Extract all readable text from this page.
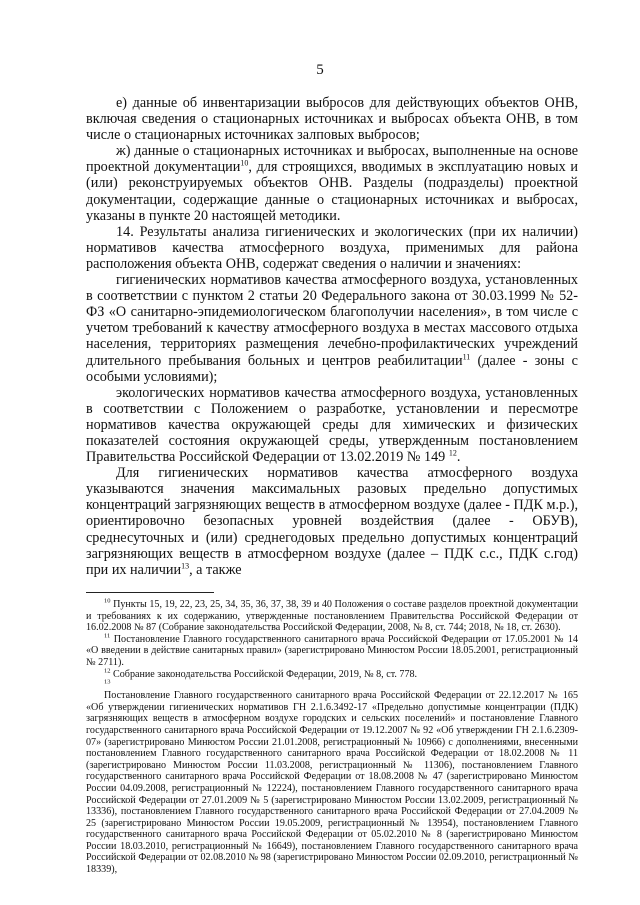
5

е) данные об инвентаризации выбросов для действующих объектов ОНВ, включая сведения о стационарных источниках и выбросах объекта ОНВ, в том числе о стационарных источниках залповых выбросов;

ж) данные о стационарных источниках и выбросах, выполненные на основе проектной документации$^{10}$, для строящихся, вводимых в эксплуатацию новых и (или) реконструируемых объектов ОНВ. Разделы (подразделы) проектной документации, содержащие данные о стационарных источниках и выбросах, указаны в пункте 20 настоящей методики.

14. Результаты анализа гигиенических и экологических (при их наличии) нормативов качества атмосферного воздуха, применимых для района расположения объекта ОНВ, содержат сведения о наличии и значениях:

гигиенических нормативов качества атмосферного воздуха, установленных в соответствии с пунктом 2 статьи 20 Федерального закона от 30.03.1999 № 52-ФЗ «О санитарно-эпидемиологическом благополучии населения», в том числе с учетом требований к качеству атмосферного воздуха в местах массового отдыха населения, территориях размещения лечебно-профилактических учреждений длительного пребывания больных и центров реабилитации$^{11}$ (далее - зоны с особыми условиями);

экологических нормативов качества атмосферного воздуха, установленных в соответствии с Положением о разработке, установлении и пересмотре нормативов качества окружающей среды для химических и физических показателей состояния окружающей среды, утвержденным постановлением Правительства Российской Федерации от 13.02.2019 № 149 $^{12}$.

Для гигиенических нормативов качества атмосферного воздуха указываются значения максимальных разовых предельно допустимых концентраций загрязняющих веществ в атмосферном воздухе (далее - ПДК м.р.), ориентировочно безопасных уровней воздействия (далее - ОБУВ), среднесуточных и (или) среднегодовых предельно допустимых концентраций загрязняющих веществ в атмосферном воздухе (далее – ПДК с.с., ПДК с.год) при их наличии$^{13}$, а также

$^{10}$ Пункты 15, 19, 22, 23, 25, 34, 35, 36, 37, 38, 39 и 40 Положения о составе разделов проектной документации и требованиях к их содержанию, утвержденные постановлением Правительства Российской Федерации от 16.02.2008 № 87 (Собрание законодательства Российской Федерации, 2008, № 8, ст. 744; 2018, № 18, ст. 2630).

$^{11}$ Постановление Главного государственного санитарного врача Российской Федерации от 17.05.2001 № 14 «О введении в действие санитарных правил» (зарегистрировано Минюстом России 18.05.2001, регистрационный № 2711).

$^{12}$ Собрание законодательства Российской Федерации, 2019, № 8, ст. 778.

$^{13}$

Постановление Главного государственного санитарного врача Российской Федерации от 22.12.2017 № 165 «Об утверждении гигиенических нормативов ГН 2.1.6.3492-17 «Предельно допустимые концентрации (ПДК) загрязняющих веществ в атмосферном воздухе городских и сельских поселений» и постановление Главного государственного санитарного врача Российской Федерации от 19.12.2007 № 92 «Об утверждении ГН 2.1.6.2309-07» (зарегистрировано Минюстом России 21.01.2008, регистрационный № 10966) с дополнениями, внесенными постановлением Главного государственного санитарного врача Российской Федерации от 18.02.2008 № 11 (зарегистрировано Минюстом России 11.03.2008, регистрационный № 11306), постановлением Главного государственного санитарного врача Российской Федерации от 18.08.2008 № 47 (зарегистрировано Минюстом России 04.09.2008, регистрационный № 12224), постановлением Главного государственного санитарного врача Российской Федерации от 27.01.2009 № 5 (зарегистрировано Минюстом России 13.02.2009, регистрационный № 13336), постановлением Главного государственного санитарного врача Российской Федерации от 27.04.2009 № 25 (зарегистрировано Минюстом России 19.05.2009, регистрационный № 13954), постановлением Главного государственного санитарного врача Российской Федерации от 05.02.2010 № 8 (зарегистрировано Минюстом России 18.03.2010, регистрационный № 16649), постановлением Главного государственного санитарного врача Российской Федерации от 02.08.2010 № 98 (зарегистрировано Минюстом России 02.09.2010, регистрационный № 18339),
